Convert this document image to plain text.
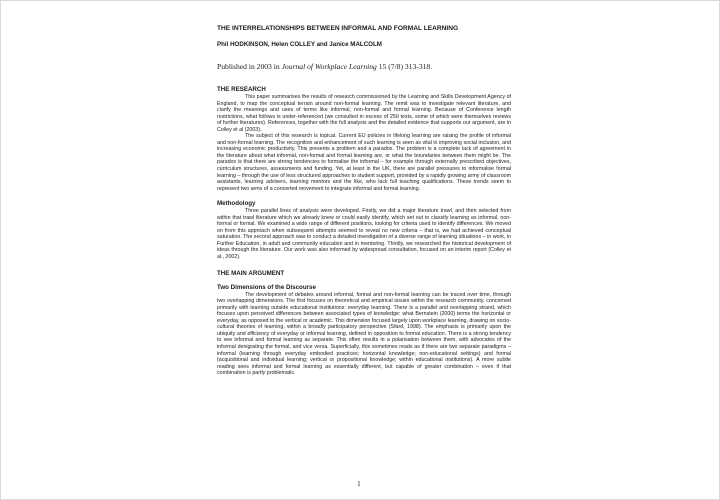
THE INTERRELATIONSHIPS BETWEEN INFORMAL AND FORMAL LEARNING

Phil HODKINSON, Helen COLLEY and Janice MALCOLM

Published in 2003 in Journal of Workplace Learning 15 (7/8) 313-318.

THE RESEARCH

This paper summarises the results of research commissioned by the Learning and Skills Development Agency of England, to map the conceptual terrain around non-formal learning. The remit was to investigate relevant literature, and clarify the meanings and uses of terms like informal, non-formal and formal learning. Because of Conference length restrictions, what follows is under-referenced (we consulted in excess of 250 texts, some of which were themselves reviews of further literatures). References, together with the full analysis and the detailed evidence that supports our argument, are in Colley et al (2003).

The subject of this research is topical. Current EU policies in lifelong learning are raising the profile of informal and non-formal learning. The recognition and enhancement of such learning is seen as vital in improving social inclusion, and increasing economic productivity. This presents a problem and a paradox. The problem is a complete lack of agreement in the literature about what informal, non-formal and formal learning are, or what the boundaries between them might be. The paradox is that there are strong tendencies to formalise the informal – for example through externally prescribed objectives, curriculum structures, assessments and funding. Yet, at least in the UK, there are parallel pressures to informalise formal learning – through the use of less structured approaches to student support, provided by a rapidly growing army of classroom assistants, learning advisers, learning mentors and the like, who lack full teaching qualifications. These trends seem to represent two arms of a concerted movement to integrate informal and formal learning.

Methodology

Three parallel lines of analysis were developed. Firstly, we did a major literature trawl, and then selected from within that trawl literature which we already knew or could easily identify, which set out to classify learning as informal, non-formal or formal. We examined a wide range of different positions, looking for criteria used to identify differences. We moved on from this approach when subsequent attempts seemed to reveal no new criteria – that is, we had achieved conceptual saturation. The second approach was to conduct a detailed investigation of a diverse range of learning situations – in work, in Further Education, in adult and community education and in mentoring. Thirdly, we researched the historical development of ideas through the literature. Our work was also informed by widespread consultation, focused on an interim report (Colley et al., 2002).

THE MAIN ARGUMENT

Two Dimensions of the Discourse

The development of debates around informal, formal and non-formal learning can be traced over time, through two overlapping dimensions. The first focuses on theoretical and empirical issues within the research community, concerned primarily with learning outside educational institutions: everyday learning. There is a parallel and overlapping strand, which focuses upon perceived differences between associated types of knowledge: what Bernstein (2000) terms the horizontal or everyday, as opposed to the vertical or academic. This dimension focused largely upon workplace learning, drawing on socio-cultural theories of learning, within a broadly participatory perspective (Sfard, 1998). The emphasis is primarily upon the ubiquity and efficiency of everyday or informal learning, defined in opposition to formal education. There is a strong tendency to see informal and formal learning as separate. This often results in a polarisation between them, with advocates of the informal denigrating the formal, and vice versa. Superficially, this sometimes reads as if there are two separate paradigms – informal (learning through everyday embodied practices; horizontal knowledge; non-educational settings) and formal (acquisitional and individual learning; vertical or propositional knowledge; within educational institutions). A more subtle reading sees informal and formal learning as essentially different, but capable of greater combination – even if that combination is partly problematic.

1
